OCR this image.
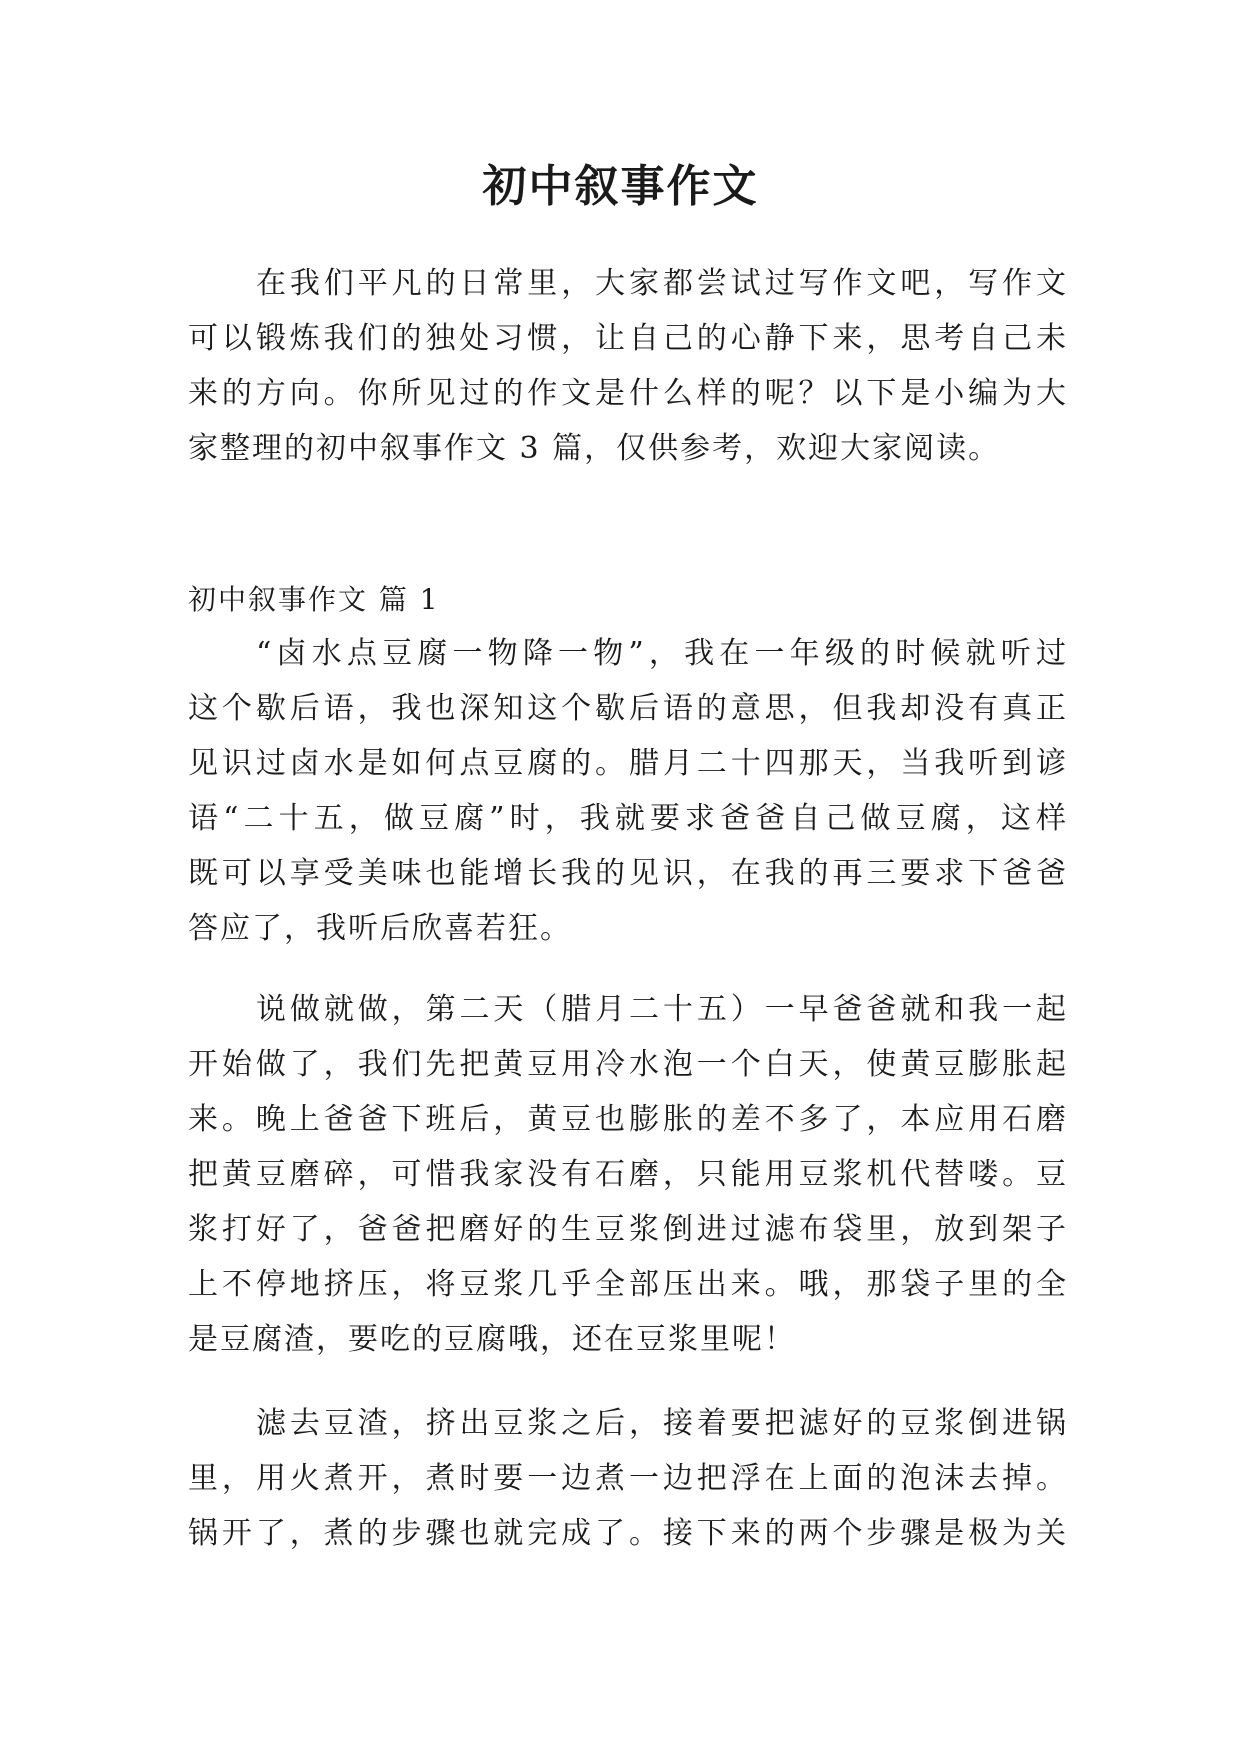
初中叙事作文

在我们平凡的日常里，大家都尝试过写作文吧，写作文

可以锻炼我们的独处习惯，让自己的心静下来，思考自己未

来的方向。你所见过的作文是什么样的呢？以下是小编为大

家整理的初中叙事作文 3 篇，仅供参考，欢迎大家阅读。

初中叙事作文 篇 1

“卤水点豆腐一物降一物”，我在一年级的时候就听过

这个歇后语，我也深知这个歇后语的意思，但我却没有真正

见识过卤水是如何点豆腐的。腊月二十四那天，当我听到谚

语“二十五，做豆腐”时，我就要求爸爸自己做豆腐，这样

既可以享受美味也能增长我的见识，在我的再三要求下爸爸

答应了，我听后欣喜若狂。

说做就做，第二天（腊月二十五）一早爸爸就和我一起

开始做了，我们先把黄豆用冷水泡一个白天，使黄豆膨胀起

来。晚上爸爸下班后，黄豆也膨胀的差不多了，本应用石磨

把黄豆磨碎，可惜我家没有石磨，只能用豆浆机代替喽。豆

浆打好了，爸爸把磨好的生豆浆倒进过滤布袋里，放到架子

上不停地挤压，将豆浆几乎全部压出来。哦，那袋子里的全

是豆腐渣，要吃的豆腐哦，还在豆浆里呢！

滤去豆渣，挤出豆浆之后，接着要把滤好的豆浆倒进锅

里，用火煮开，煮时要一边煮一边把浮在上面的泡沫去掉。

锅开了，煮的步骤也就完成了。接下来的两个步骤是极为关
